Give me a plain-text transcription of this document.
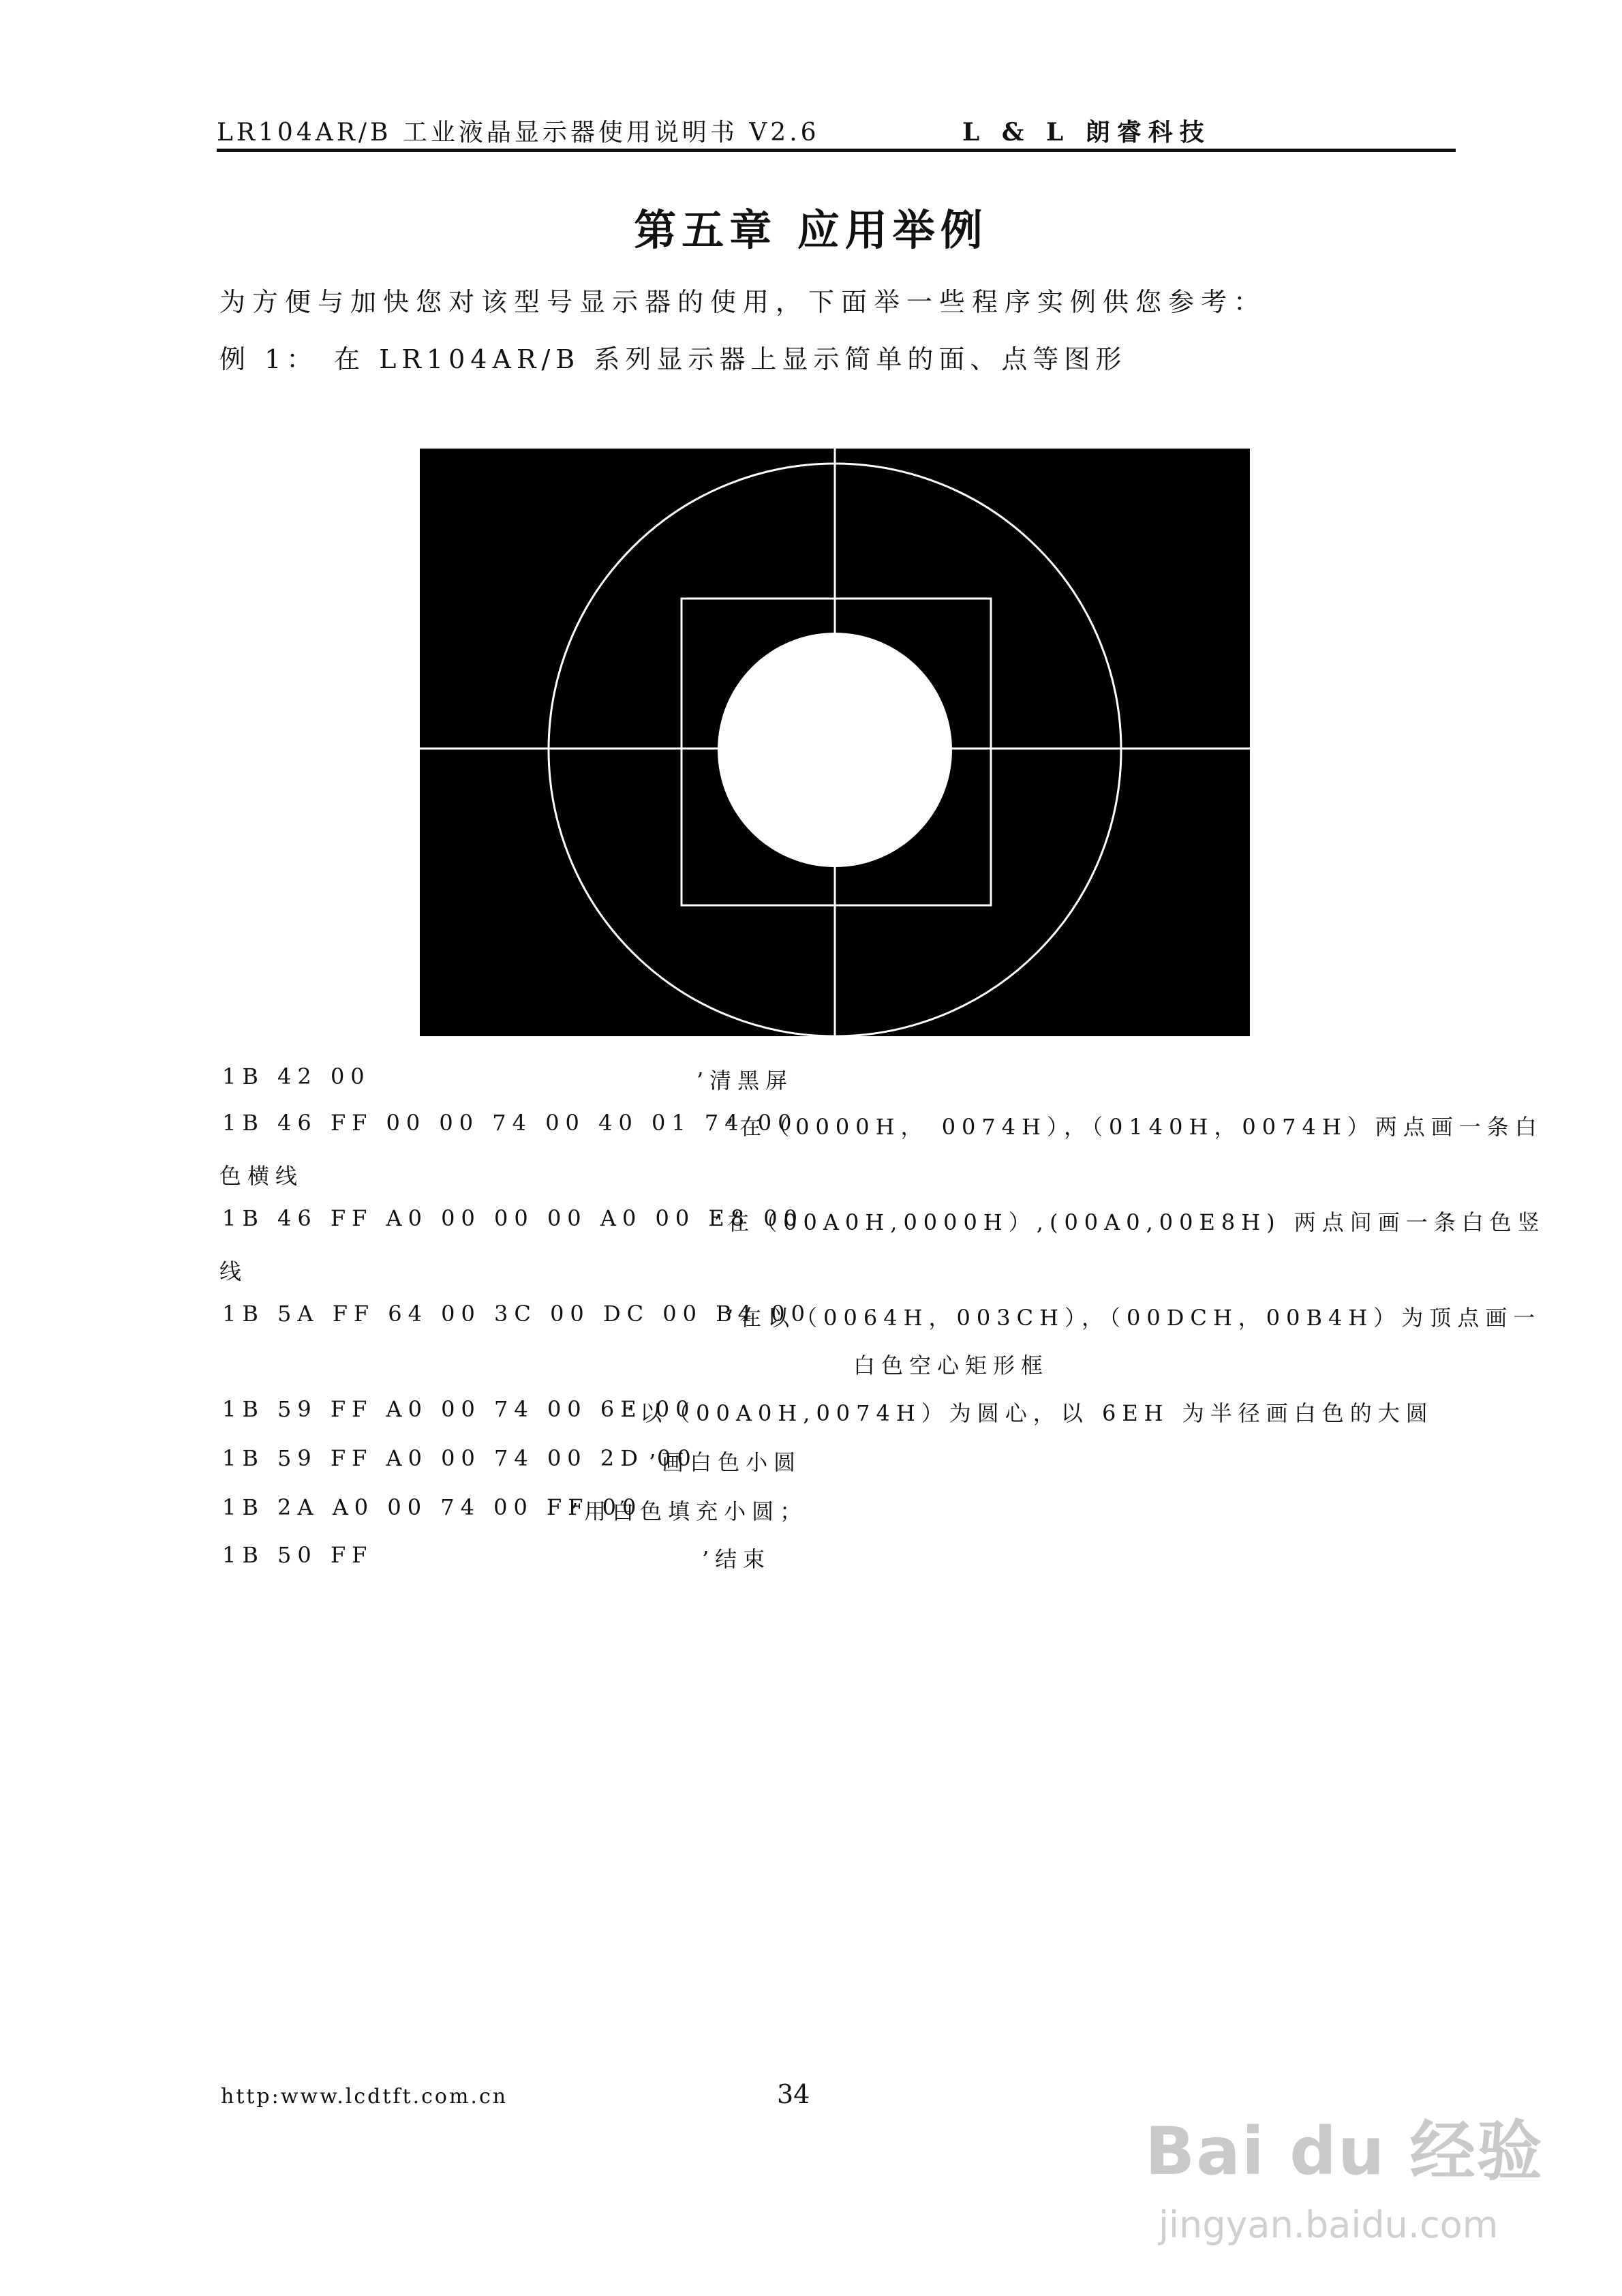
LR104AR/B 工业液晶显示器使用说明书 V2.6	L & L 朗睿科技
第五章 应用举例
为方便与加快您对该型号显示器的使用，下面举一些程序实例供您参考：
例 1： 在 LR104AR/B 系列显示器上显示简单的面、点等图形
1B 42 00	’清黑屏
1B 46 FF 00 00 74 00 40 01 74 00
’在（0000H， 0074H），（0140H，0074H）两点画一条白
色横线
1B 46 FF A0 00 00 00 A0 00 E8 00
’在（00A0H,0000H）,(00A0,00E8H) 两点间画一条白色竖
线
1B 5A FF 64 00 3C 00 DC 00 B4 00
’在以（0064H，003CH），（00DCH，00B4H）为顶点画一
白色空心矩形框
1B 59 FF A0 00 74 00 6E 00
’以（00A0H,0074H）为圆心，以 6EH 为半径画白色的大圆
1B 59 FF A0 00 74 00 2D 00
’画白色小圆
1B 2A A0 00 74 00 FF 00
’用白色填充小圆；
1B 50 FF	’结束
http:www.lcdtft.com.cn	34
Bai du 经验
jingyan.baidu.com
